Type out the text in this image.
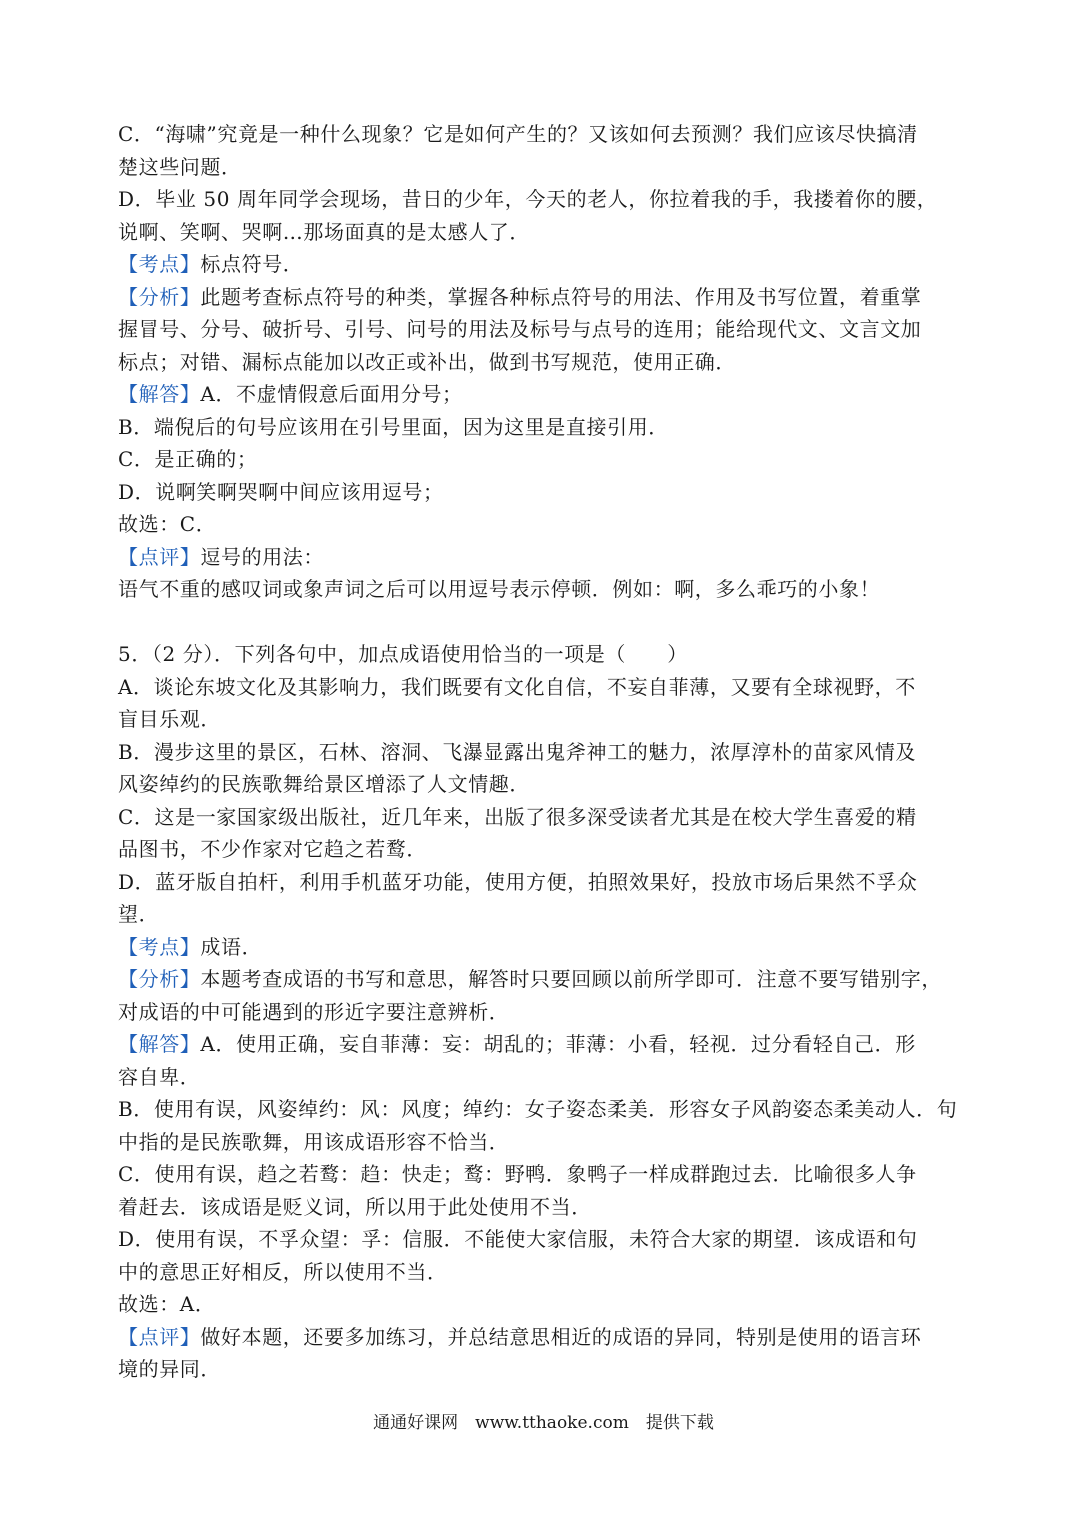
C．“海啸”究竟是一种什么现象？它是如何产生的？又该如何去预测？我们应该尽快搞清
楚这些问题．
D．毕业 50 周年同学会现场，昔日的少年，今天的老人，你拉着我的手，我搂着你的腰，
说啊、笑啊、哭啊…那场面真的是太感人了．
【考点】标点符号．
【分析】此题考查标点符号的种类，掌握各种标点符号的用法、作用及书写位置，着重掌
握冒号、分号、破折号、引号、问号的用法及标号与点号的连用；能给现代文、文言文加
标点；对错、漏标点能加以改正或补出，做到书写规范，使用正确．
【解答】A．不虚情假意后面用分号；
B．端倪后的句号应该用在引号里面，因为这里是直接引用．
C．是正确的；
D．说啊笑啊哭啊中间应该用逗号；
故选：C．
【点评】逗号的用法：
语气不重的感叹词或象声词之后可以用逗号表示停顿．例如：啊，多么乖巧的小象！
5．（2 分）．下列各句中，加点成语使用恰当的一项是（　　）
A．谈论东坡文化及其影响力，我们既要有文化自信，不妄自菲薄，又要有全球视野，不
盲目乐观．
B．漫步这里的景区，石林、溶洞、飞瀑显露出鬼斧神工的魅力，浓厚淳朴的苗家风情及
风姿绰约的民族歌舞给景区增添了人文情趣．
C．这是一家国家级出版社，近几年来，出版了很多深受读者尤其是在校大学生喜爱的精
品图书，不少作家对它趋之若鹜．
D．蓝牙版自拍杆，利用手机蓝牙功能，使用方便，拍照效果好，投放市场后果然不孚众
望．
【考点】成语．
【分析】本题考查成语的书写和意思，解答时只要回顾以前所学即可．注意不要写错别字，
对成语的中可能遇到的形近字要注意辨析．
【解答】A．使用正确，妄自菲薄：妄：胡乱的；菲薄：小看，轻视．过分看轻自己．形
容自卑．
B．使用有误，风姿绰约：风：风度；绰约：女子姿态柔美．形容女子风韵姿态柔美动人．句
中指的是民族歌舞，用该成语形容不恰当．
C．使用有误，趋之若鹜：趋：快走；鹜：野鸭．象鸭子一样成群跑过去．比喻很多人争
着赶去．该成语是贬义词，所以用于此处使用不当．
D．使用有误，不孚众望：孚：信服．不能使大家信服，未符合大家的期望．该成语和句
中的意思正好相反，所以使用不当．
故选：A．
【点评】做好本题，还要多加练习，并总结意思相近的成语的异同，特别是使用的语言环
境的异同．
通通好课网　www.tthaoke.com　提供下载
